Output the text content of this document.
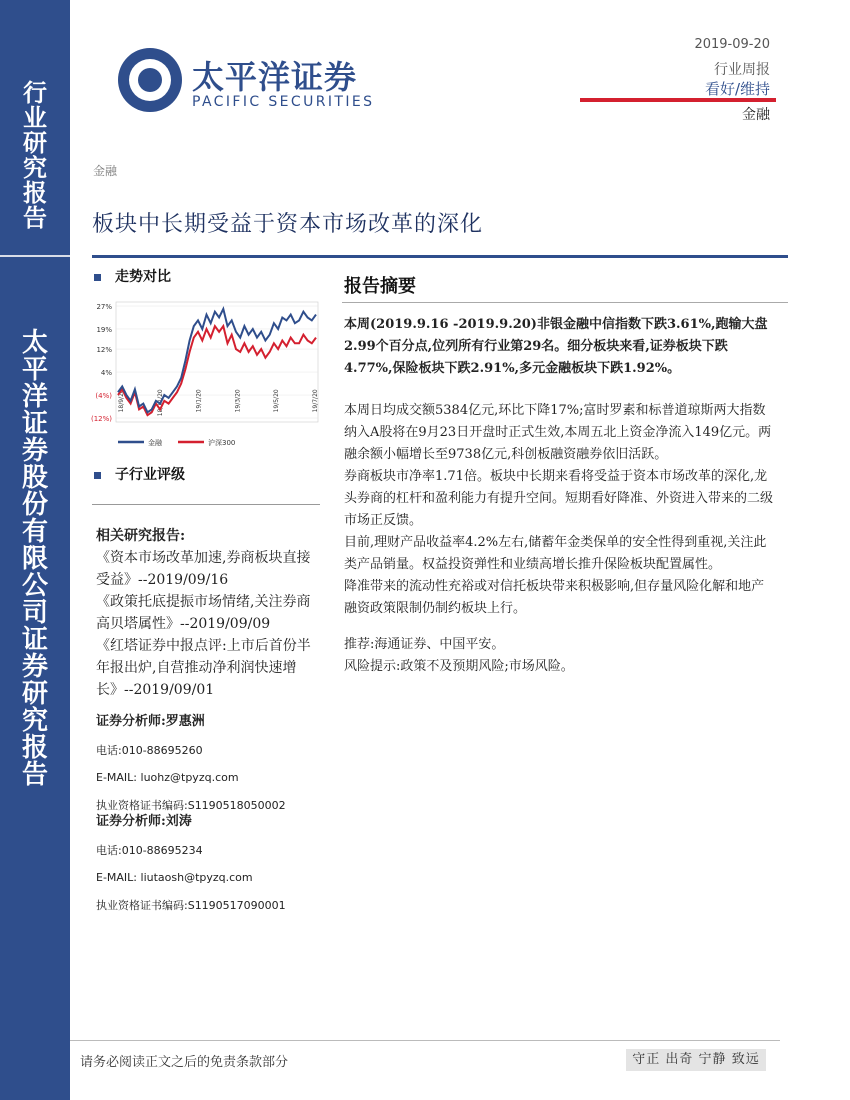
行
业
研
究
报
告
太
平
洋
证
券
股
份
有
限
公
司
证
券
研
究
报
告
太平洋证券
PACIFIC SECURITIES
2019-09-20
行业周报
看好/维持
金融
金融
板块中长期受益于资本市场改革的深化
走势对比
27%
19%
12%
4%
(4%)
(12%)
18/9/20	18/11/20	19/1/20	19/3/20	19/5/20	19/7/20
金融	沪深300
子行业评级
相关研究报告:
《资本市场改革加速,券商板块直接受益》--2019/09/16
《政策托底提振市场情绪,关注券商高贝塔属性》--2019/09/09
《红塔证券中报点评:上市后首份半年报出炉,自营推动净利润快速增长》--2019/09/01
证券分析师:罗惠洲
电话:010-88695260
E-MAIL: luohz@tpyzq.com
执业资格证书编码:S1190518050002
证券分析师:刘涛
电话:010-88695234
E-MAIL: liutaosh@tpyzq.com
执业资格证书编码:S1190517090001
报告摘要

本周(2019.9.16 -2019.9.20)非银金融中信指数下跌3.61%,跑输大盘2.99个百分点,位列所有行业第29名。细分板块来看,证券板块下跌4.77%,保险板块下跌2.91%,多元金融板块下跌1.92%。

本周日均成交额5384亿元,环比下降17%;富时罗素和标普道琼斯两大指数纳入A股将在9月23日开盘时正式生效,本周五北上资金净流入149亿元。两融余额小幅增长至9738亿元,科创板融资融券依旧活跃。

券商板块市净率1.71倍。板块中长期来看将受益于资本市场改革的深化,龙头券商的杠杆和盈利能力有提升空间。短期看好降准、外资进入带来的二级市场正反馈。

目前,理财产品收益率4.2%左右,储蓄年金类保单的安全性得到重视,关注此类产品销量。权益投资弹性和业绩高增长推升保险板块配置属性。

降准带来的流动性充裕或对信托板块带来积极影响,但存量风险化解和地产融资政策限制仍制约板块上行。

推荐:海通证券、中国平安。

风险提示:政策不及预期风险;市场风险。

请务必阅读正文之后的免责条款部分	守正 出奇 宁静 致远
